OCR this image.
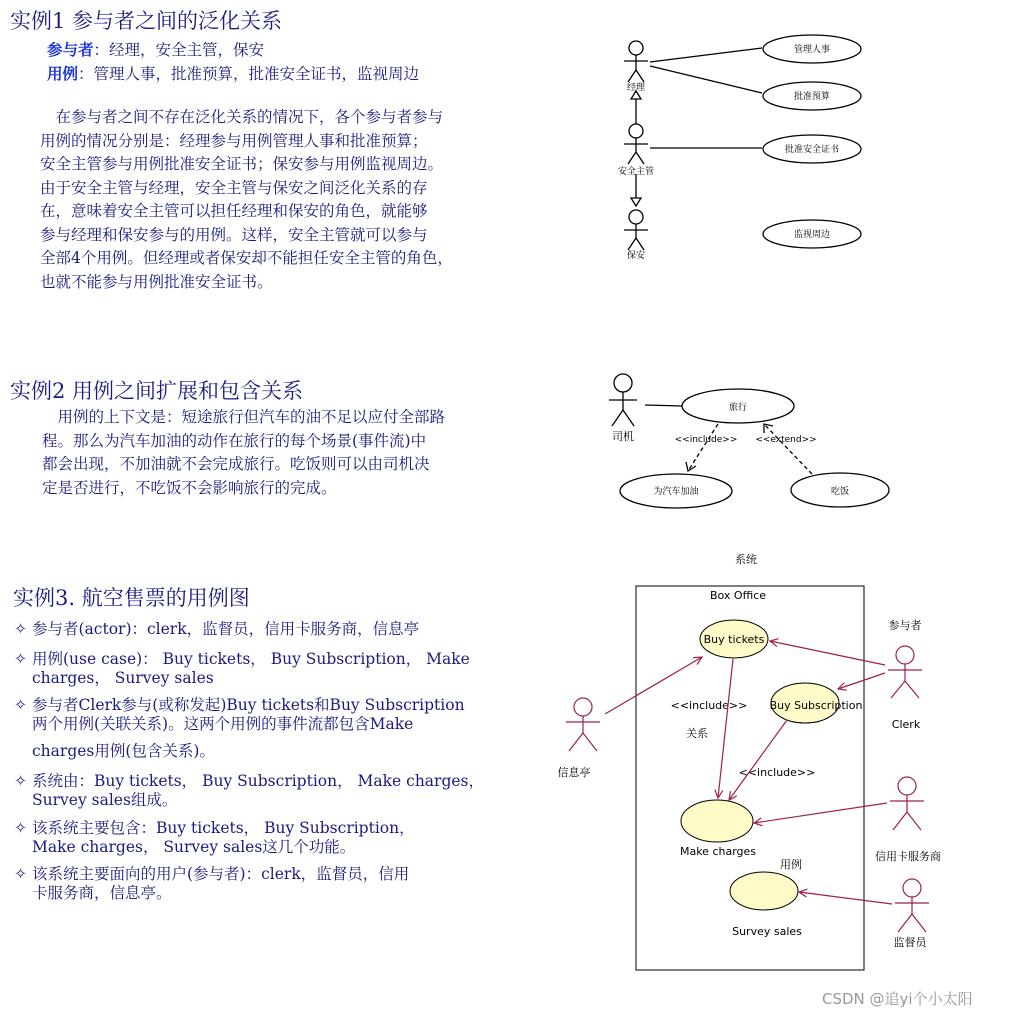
实例1 参与者之间的泛化关系
参与者：经理，安全主管，保安
用例：管理人事，批准预算，批准安全证书，监视周边
　在参与者之间不存在泛化关系的情况下，各个参与者参与
用例的情况分别是：经理参与用例管理人事和批准预算；
安全主管参与用例批准安全证书；保安参与用例监视周边。
由于安全主管与经理，安全主管与保安之间泛化关系的存
在，意味着安全主管可以担任经理和保安的角色，就能够
参与经理和保安参与的用例。这样，安全主管就可以参与
全部4个用例。但经理或者保安却不能担任安全主管的角色，
也就不能参与用例批准安全证书。
经理
安全主管
保安
管理人事
批准预算
批准安全证书
监视周边
实例2 用例之间扩展和包含关系
　用例的上下文是：短途旅行但汽车的油不足以应付全部路
程。那么为汽车加油的动作在旅行的每个场景(事件流)中
都会出现，不加油就不会完成旅行。吃饭则可以由司机决
定是否进行，不吃饭不会影响旅行的完成。
司机
旅行
<<include>> <<extend>>
为汽车加油	吃饭
实例3. 航空售票的用例图
✧ 参与者(actor)：clerk，监督员，信用卡服务商，信息亭
✧ 用例(use case)： Buy tickets， Buy Subscription， Make
charges， Survey sales
✧ 参与者Clerk参与(或称发起)Buy tickets和Buy Subscription
两个用例(关联关系)。这两个用例的事件流都包含Make
charges用例(包含关系)。
✧ 系统由：Buy tickets， Buy Subscription， Make charges，
Survey sales组成。
✧ 该系统主要包含：Buy tickets， Buy Subscription，
Make charges， Survey sales这几个功能。
✧ 该系统主要面向的用户(参与者)：clerk，监督员，信用
卡服务商，信息亭。
系统
Box Office
参与者
<<include>>
关系
<<include>>
用例
Buy tickets
Buy Subscription
Make charges
Survey sales
Clerk
信息亭
信用卡服务商
监督员
CSDN @追yi个小太阳
